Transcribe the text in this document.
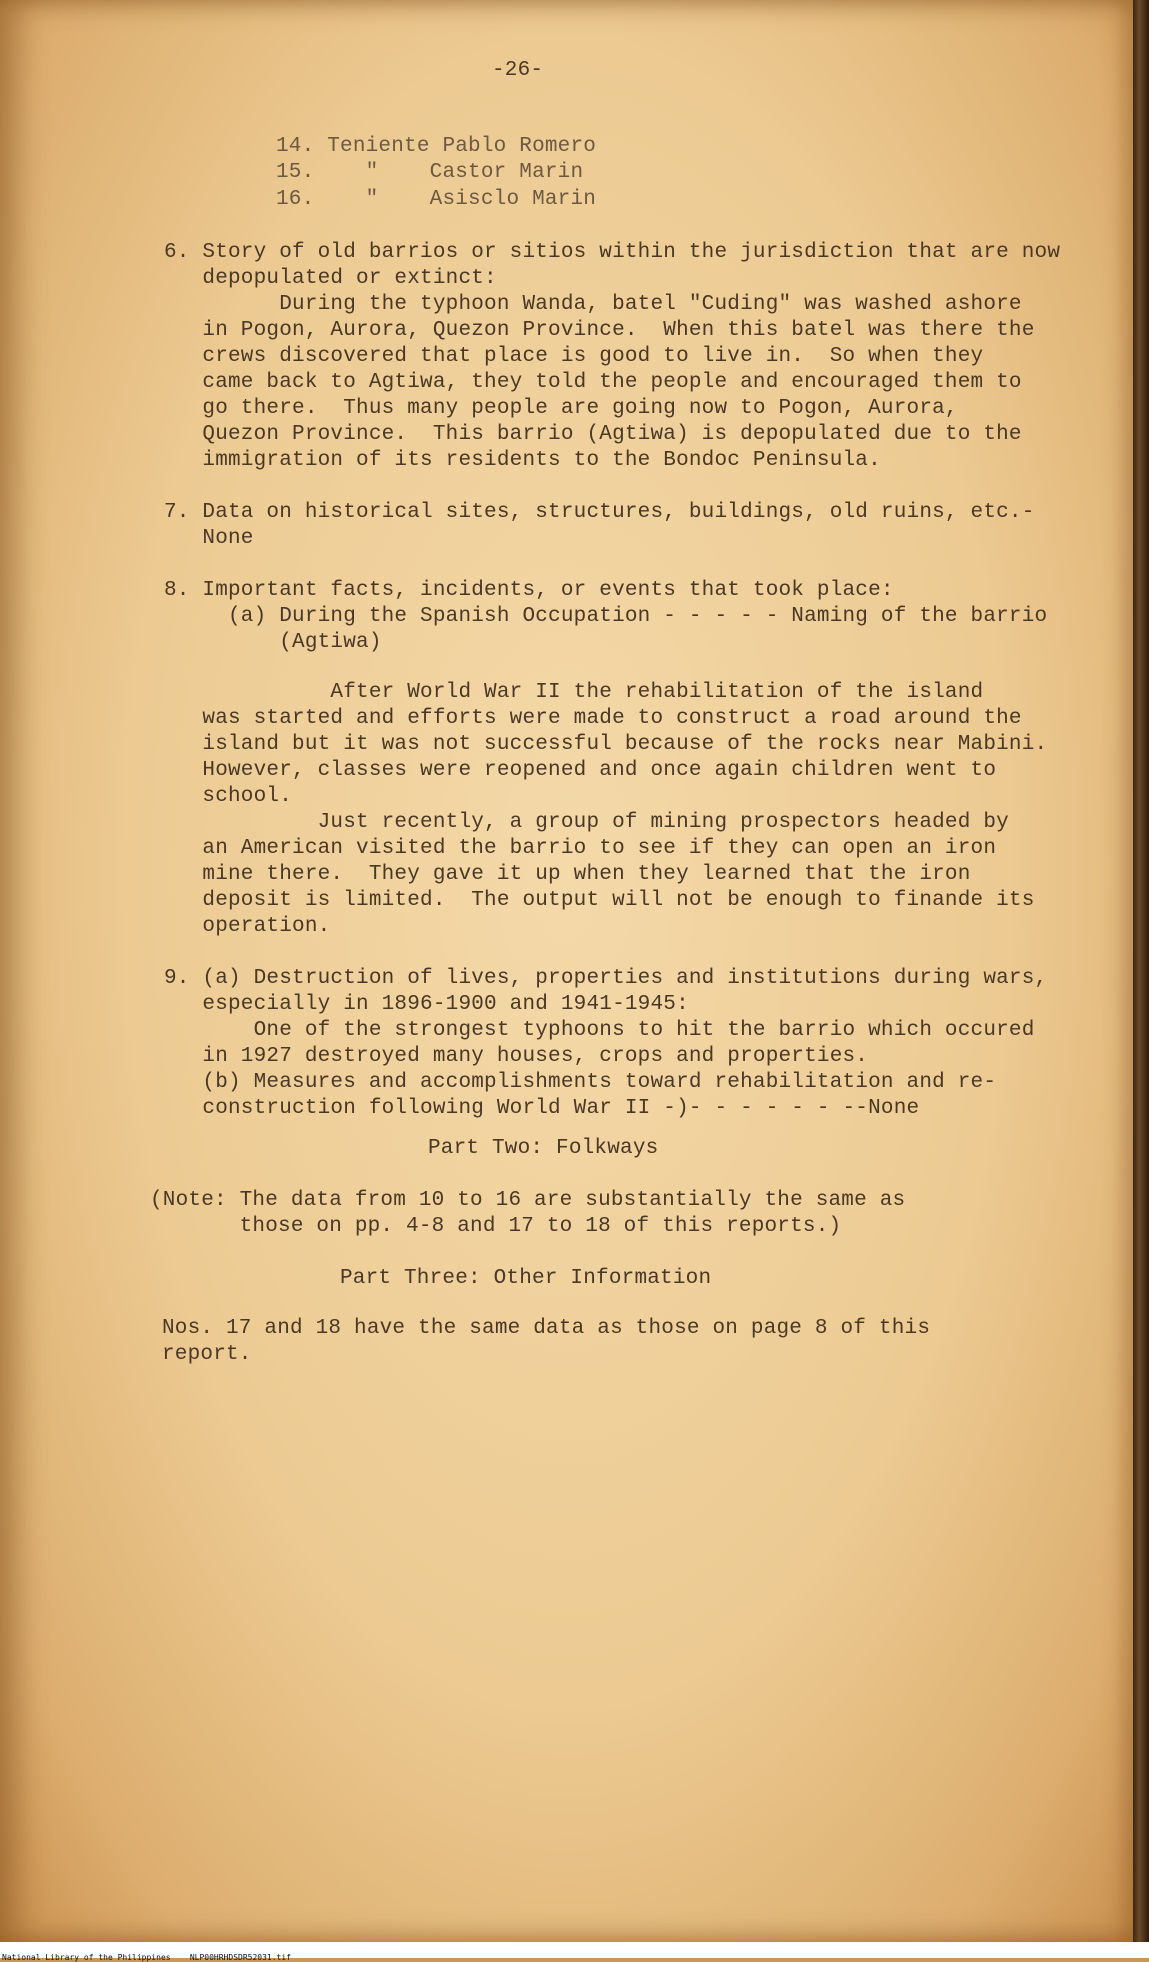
-26-

14. Teniente Pablo Romero

15. " Castor Marin

16. " Asisclo Marin

6. Story of old barrios or sitios within the jurisdiction that are now

depopulated or extinct:

During the typhoon Wanda, batel "Cuding" was washed ashore

in Pogon, Aurora, Quezon Province.  When this batel was there the

crews discovered that place is good to live in.  So when they

came back to Agtiwa, they told the people and encouraged them to

go there.  Thus many people are going now to Pogon, Aurora,

Quezon Province.  This barrio (Agtiwa) is depopulated due to the

immigration of its residents to the Bondoc Peninsula.

7. Data on historical sites, structures, buildings, old ruins, etc.-

None

8. Important facts, incidents, or events that took place:

(a) During the Spanish Occupation - - - - - Naming of the barrio

(Agtiwa)

After World War II the rehabilitation of the island

was started and efforts were made to construct a road around the

island but it was not successful because of the rocks near Mabini.

However, classes were reopened and once again children went to

school.

Just recently, a group of mining prospectors headed by

an American visited the barrio to see if they can open an iron

mine there.  They gave it up when they learned that the iron

deposit is limited.  The output will not be enough to finande its

operation.

9. (a) Destruction of lives, properties and institutions during wars,

especially in 1896-1900 and 1941-1945:

One of the strongest typhoons to hit the barrio which occured

in 1927 destroyed many houses, crops and properties.

(b) Measures and accomplishments toward rehabilitation and re-

construction following World War II -)- - - - - - --None

Part Two: Folkways

(Note: The data from 10 to 16 are substantially the same as

those on pp. 4-8 and 17 to 18 of this reports.)

Part Three: Other Information

Nos. 17 and 18 have the same data as those on page 8 of this

report.

National Library of the Philippines    NLP00HRHDSDR52031.tif
